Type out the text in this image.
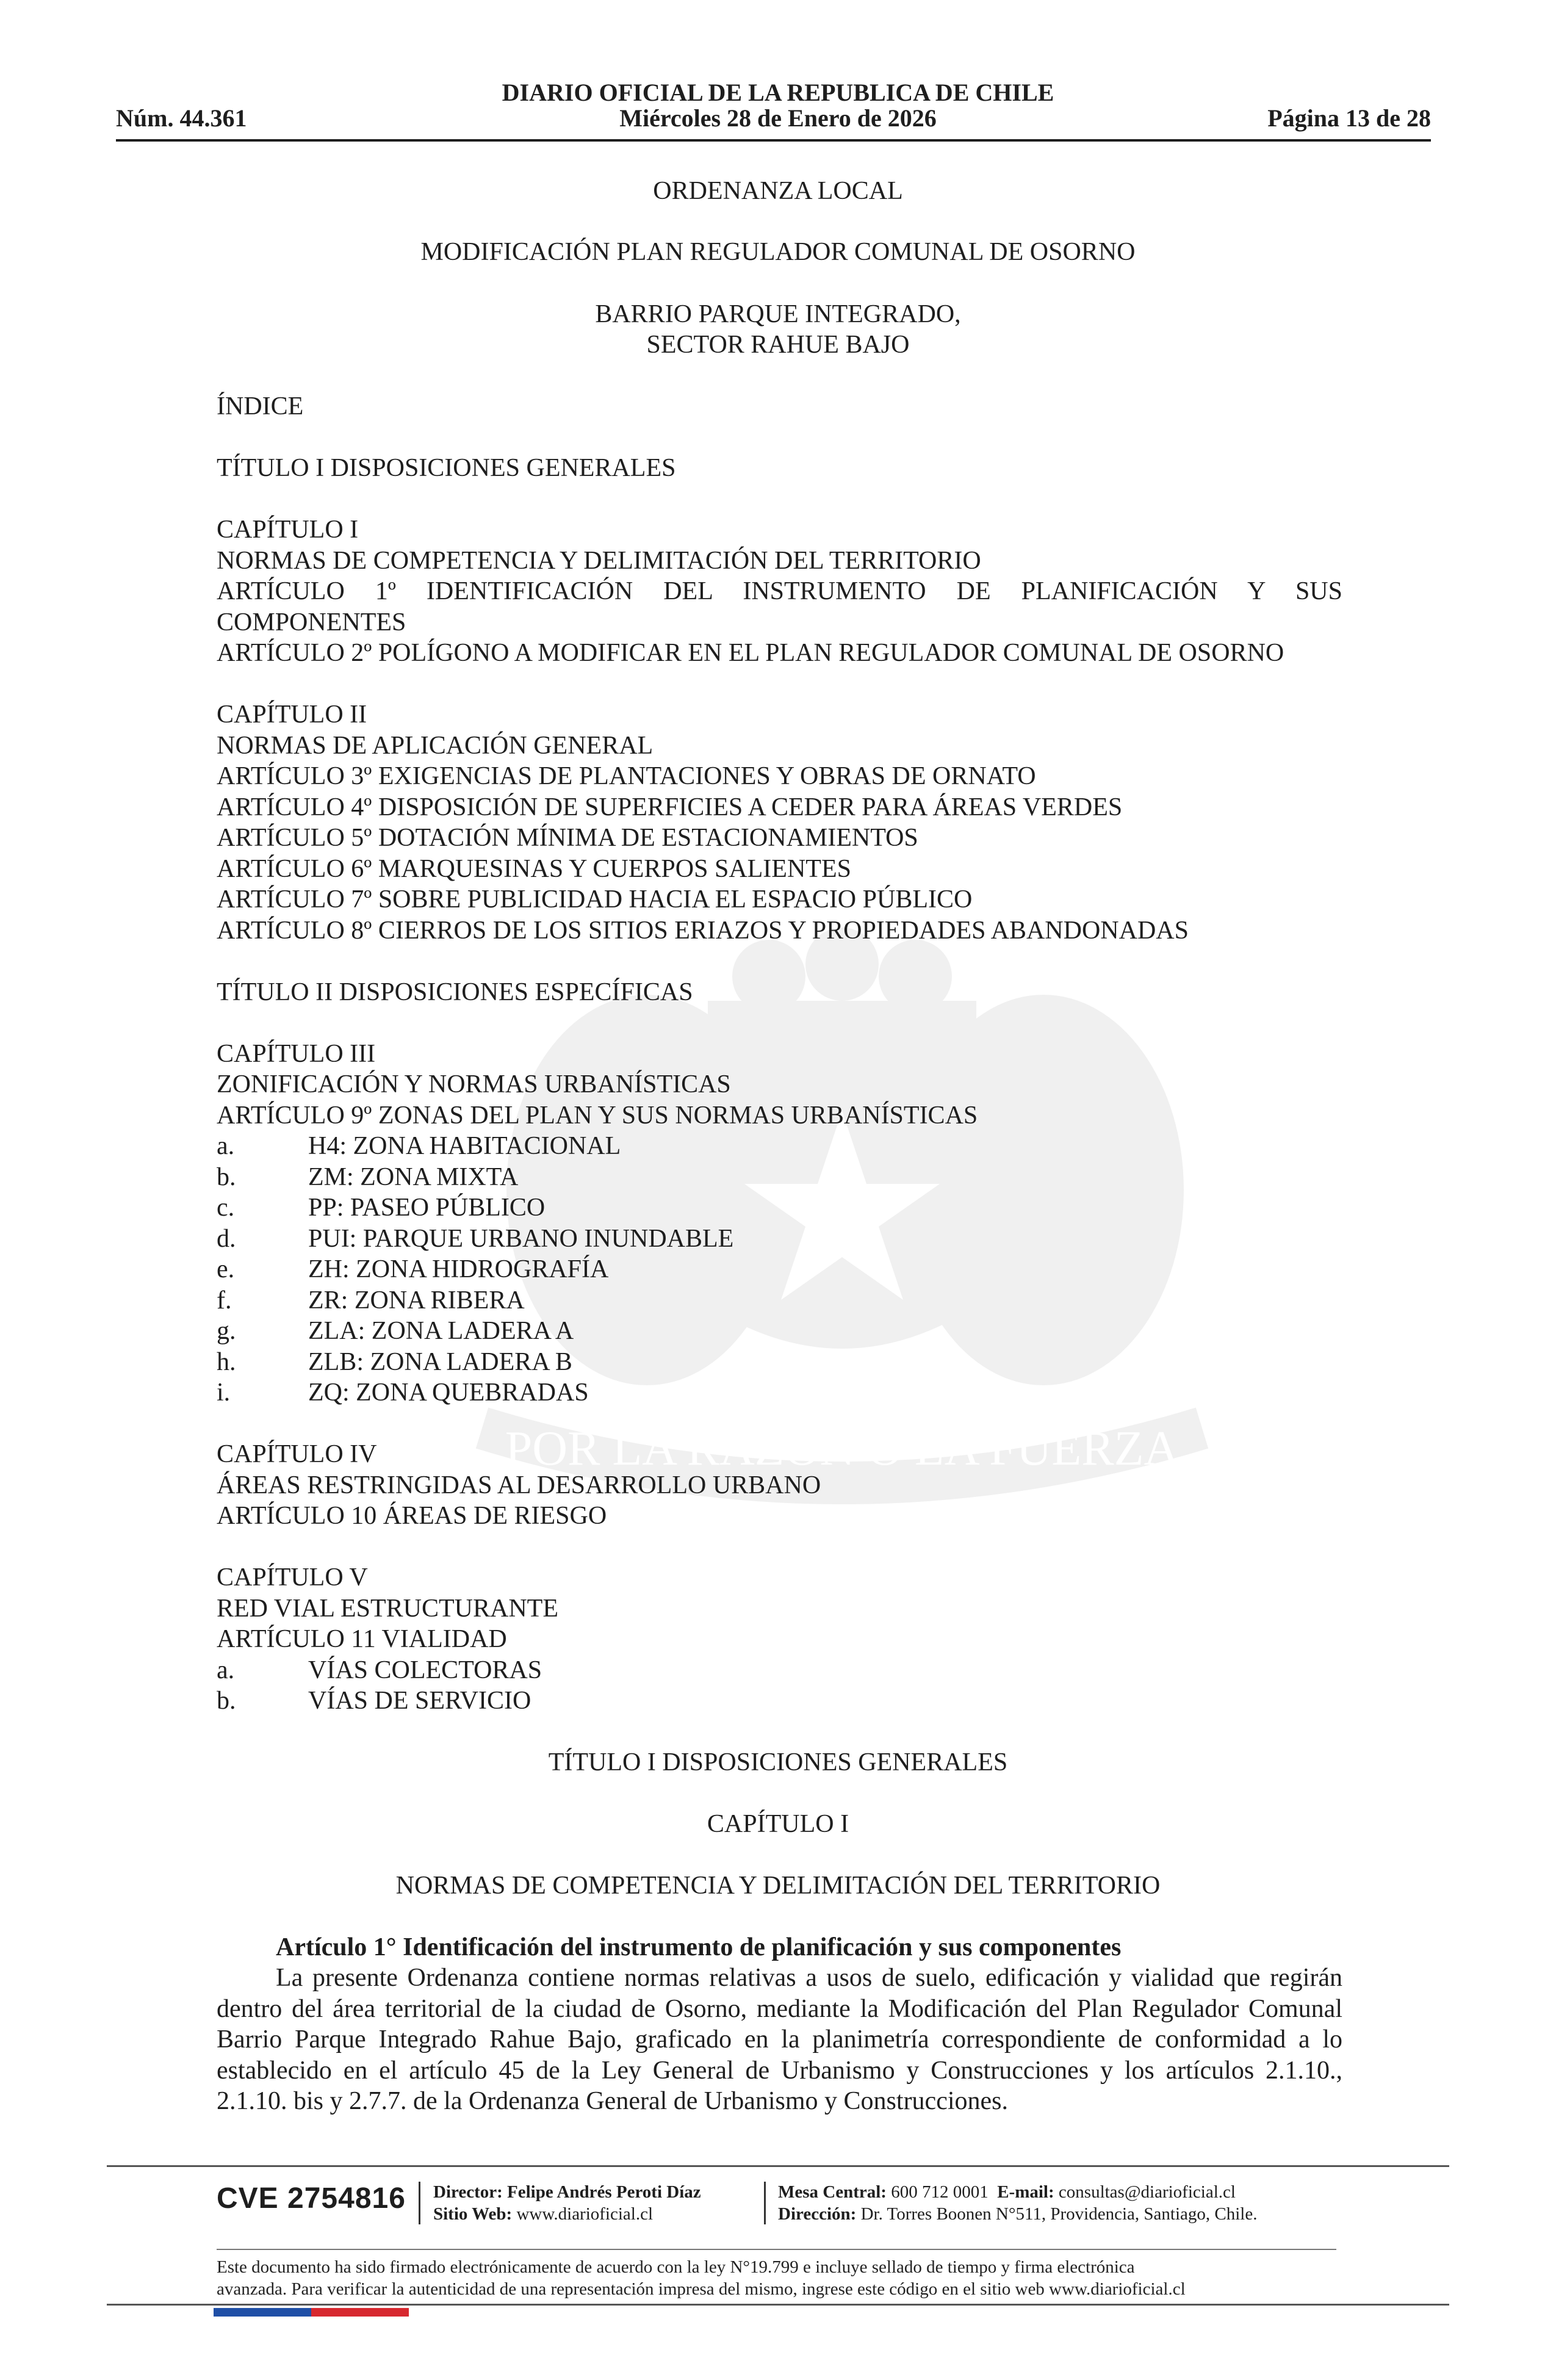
POR LA RAZON O LA FUERZA
Núm. 44.361
DIARIO OFICIAL DE LA REPUBLICA DE CHILE
Miércoles 28 de Enero de 2026	Página 13 de 28
ORDENANZA LOCAL
MODIFICACIÓN PLAN REGULADOR COMUNAL DE OSORNO
BARRIO PARQUE INTEGRADO,
SECTOR RAHUE BAJO
ÍNDICE
TÍTULO I DISPOSICIONES GENERALES
CAPÍTULO I
NORMAS DE COMPETENCIA Y DELIMITACIÓN DEL TERRITORIO
ARTÍCULO 1º IDENTIFICACIÓN DEL INSTRUMENTO DE PLANIFICACIÓN Y SUS
COMPONENTES
ARTÍCULO 2º POLÍGONO A MODIFICAR EN EL PLAN REGULADOR COMUNAL DE OSORNO
CAPÍTULO II
NORMAS DE APLICACIÓN GENERAL
ARTÍCULO 3º EXIGENCIAS DE PLANTACIONES Y OBRAS DE ORNATO
ARTÍCULO 4º DISPOSICIÓN DE SUPERFICIES A CEDER PARA ÁREAS VERDES
ARTÍCULO 5º DOTACIÓN MÍNIMA DE ESTACIONAMIENTOS
ARTÍCULO 6º MARQUESINAS Y CUERPOS SALIENTES
ARTÍCULO 7º SOBRE PUBLICIDAD HACIA EL ESPACIO PÚBLICO
ARTÍCULO 8º CIERROS DE LOS SITIOS ERIAZOS Y PROPIEDADES ABANDONADAS
TÍTULO II DISPOSICIONES ESPECÍFICAS
CAPÍTULO III
ZONIFICACIÓN Y NORMAS URBANÍSTICAS
ARTÍCULO 9º ZONAS DEL PLAN Y SUS NORMAS URBANÍSTICAS
a.	H4: ZONA HABITACIONAL
b.	ZM: ZONA MIXTA
c.	PP: PASEO PÚBLICO
d.	PUI: PARQUE URBANO INUNDABLE
e.	ZH: ZONA HIDROGRAFÍA
f.	ZR: ZONA RIBERA
g.	ZLA: ZONA LADERA A
h.	ZLB: ZONA LADERA B
i.	ZQ: ZONA QUEBRADAS
CAPÍTULO IV
ÁREAS RESTRINGIDAS AL DESARROLLO URBANO
ARTÍCULO 10 ÁREAS DE RIESGO
CAPÍTULO V
RED VIAL ESTRUCTURANTE
ARTÍCULO 11 VIALIDAD
a.	VÍAS COLECTORAS
b.	VÍAS DE SERVICIO
TÍTULO I DISPOSICIONES GENERALES
CAPÍTULO I
NORMAS DE COMPETENCIA Y DELIMITACIÓN DEL TERRITORIO
Artículo 1° Identificación del instrumento de planificación y sus componentes
La presente Ordenanza contiene normas relativas a usos de suelo, edificación y vialidad que regirán
dentro del área territorial de la ciudad de Osorno, mediante la Modificación del Plan Regulador Comunal
Barrio Parque Integrado Rahue Bajo, graficado en la planimetría correspondiente de conformidad a lo
establecido en el artículo 45 de la Ley General de Urbanismo y Construcciones y los artículos 2.1.10.,
2.1.10. bis y 2.7.7. de la Ordenanza General de Urbanismo y Construcciones.
CVE 2754816 Director: Felipe Andrés Peroti Díaz
Sitio Web: www.diarioficial.cl
Mesa Central: 600 712 0001 E-mail: consultas@diarioficial.cl
Dirección: Dr. Torres Boonen N°511, Providencia, Santiago, Chile.
Este documento ha sido firmado electrónicamente de acuerdo con la ley N°19.799 e incluye sellado de tiempo y firma electrónica
avanzada. Para verificar la autenticidad de una representación impresa del mismo, ingrese este código en el sitio web www.diarioficial.cl
